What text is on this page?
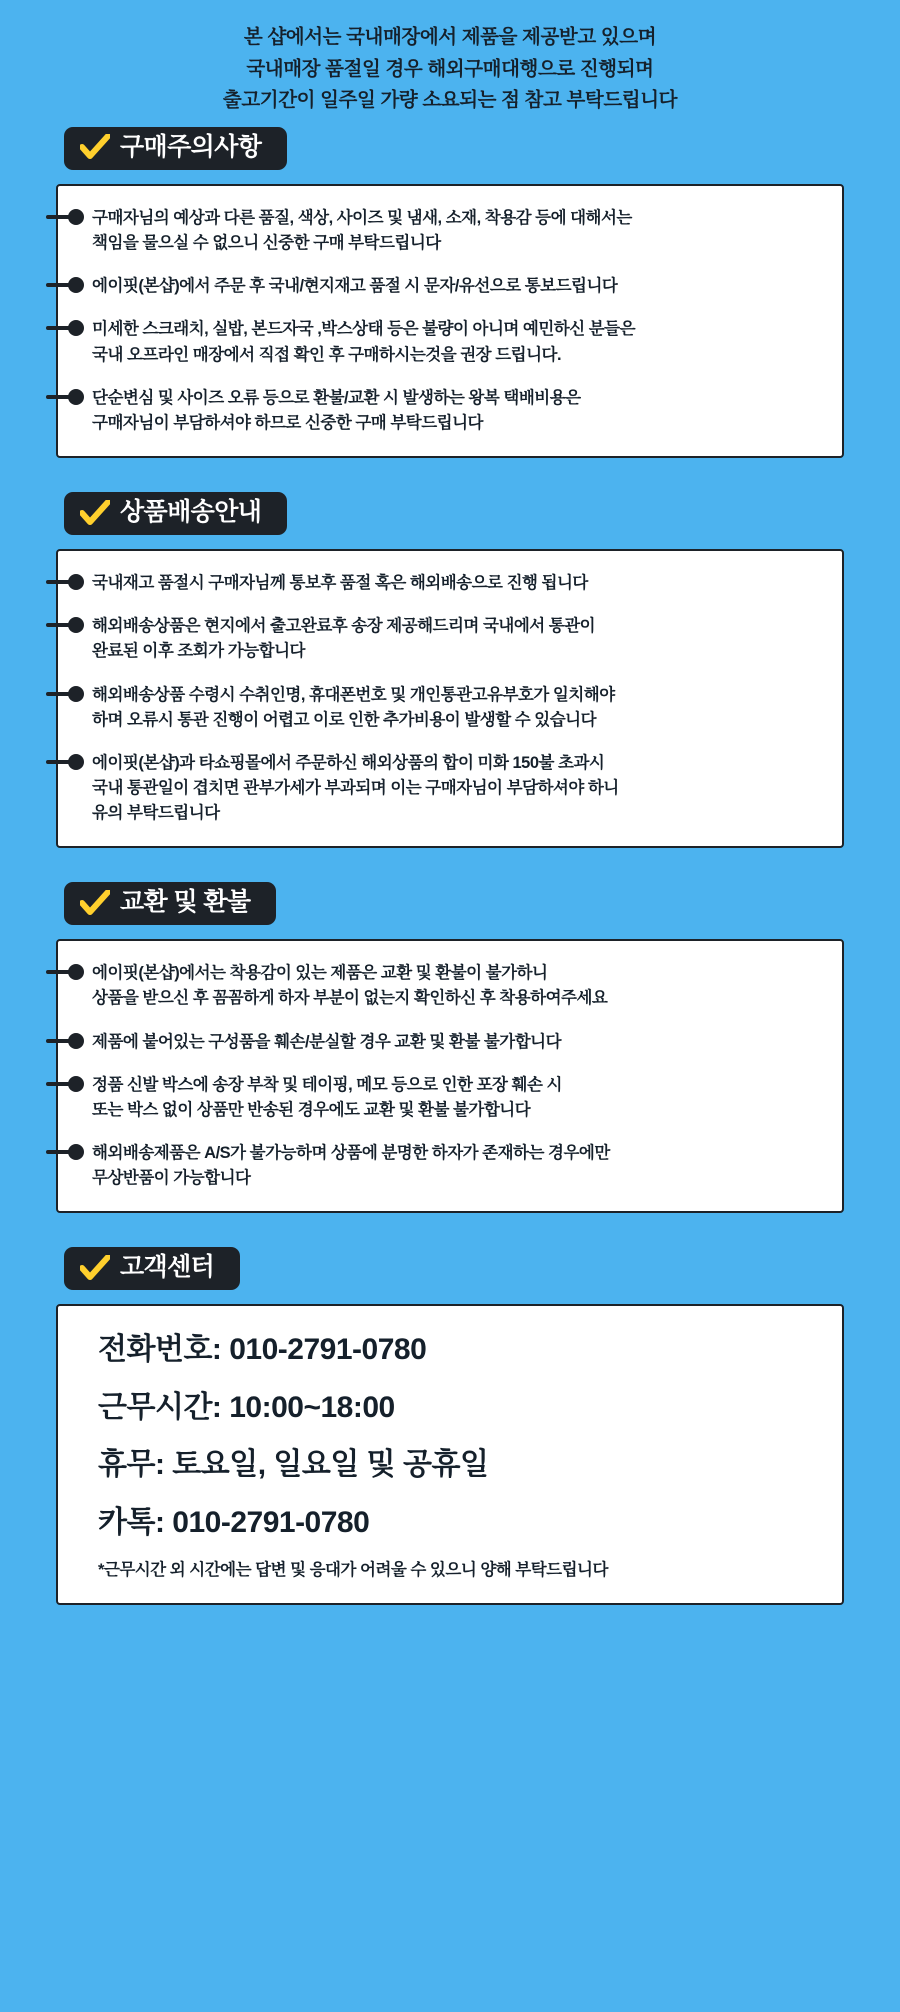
본 샵에서는 국내매장에서 제품을 제공받고 있으며
국내매장 품절일 경우 해외구매대행으로 진행되며
출고기간이 일주일 가량 소요되는 점 참고 부탁드립니다
구매주의사항
구매자님의 예상과 다른 품질, 색상, 사이즈 및 냄새, 소재, 착용감 등에 대해서는
책임을 물으실 수 없으니 신중한 구매 부탁드립니다
에이핏(본샵)에서 주문 후 국내/현지재고 품절 시 문자/유선으로 통보드립니다
미세한 스크래치, 실밥, 본드자국 ,박스상태 등은 불량이 아니며 예민하신 분들은
국내 오프라인 매장에서 직접 확인 후 구매하시는것을 권장 드립니다.
단순변심 및 사이즈 오류 등으로 환불/교환 시 발생하는 왕복 택배비용은
구매자님이 부담하셔야 하므로 신중한 구매 부탁드립니다
상품배송안내
국내재고 품절시 구매자님께 통보후 품절 혹은 해외배송으로 진행 됩니다
해외배송상품은 현지에서 출고완료후 송장 제공해드리며 국내에서 통관이
완료된 이후 조회가 가능합니다
해외배송상품 수령시 수취인명, 휴대폰번호 및 개인통관고유부호가 일치해야
하며 오류시 통관 진행이 어렵고 이로 인한 추가비용이 발생할 수 있습니다
에이핏(본샵)과 타쇼핑몰에서 주문하신 해외상품의 합이 미화 150불 초과시
국내 통관일이 겹치면 관부가세가 부과되며 이는 구매자님이 부담하셔야 하니
유의 부탁드립니다
교환 및 환불
에이핏(본샵)에서는 착용감이 있는 제품은 교환 및 환불이 불가하니
상품을 받으신 후 꼼꼼하게 하자 부분이 없는지 확인하신 후 착용하여주세요
제품에 붙어있는 구성품을 훼손/분실할 경우 교환 및 환불 불가합니다
정품 신발 박스에 송장 부착 및 테이핑, 메모 등으로 인한 포장 훼손 시
또는 박스 없이 상품만 반송된 경우에도 교환 및 환불 불가합니다
해외배송제품은 A/S가 불가능하며 상품에 분명한 하자가 존재하는 경우에만
무상반품이 가능합니다
고객센터
전화번호: 010-2791-0780
근무시간: 10:00~18:00
휴무: 토요일, 일요일 및 공휴일
카톡: 010-2791-0780
*근무시간 외 시간에는 답변 및 응대가 어려울 수 있으니 양해 부탁드립니다
